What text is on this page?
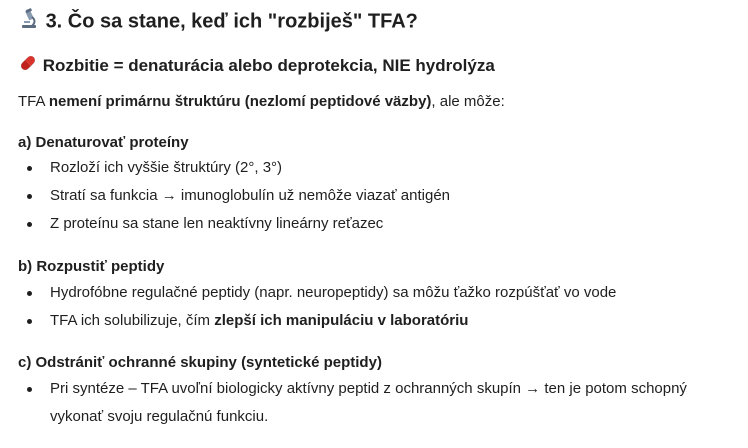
3. Čo sa stane, keď ich "rozbiješ" TFA?
Rozbitie = denaturácia alebo deprotekcia, NIE hydrolýza
TFA nemení primárnu štruktúru (nezlomí peptidové väzby), ale môže:
a) Denaturovať proteíny
Rozloží ich vyššie štruktúry (2°, 3°)
Stratí sa funkcia → imunoglobulín už nemôže viazať antigén
Z proteínu sa stane len neaktívny lineárny reťazec
b) Rozpustiť peptidy
Hydrofóbne regulačné peptidy (napr. neuropeptidy) sa môžu ťažko rozpúšťať vo vode
TFA ich solubilizuje, čím zlepší ich manipuláciu v laboratóriu
c) Odstrániť ochranné skupiny (syntetické peptidy)
Pri syntéze – TFA uvoľní biologicky aktívny peptid z ochranných skupín → ten je potom schopný vykonať svoju regulačnú funkciu.
